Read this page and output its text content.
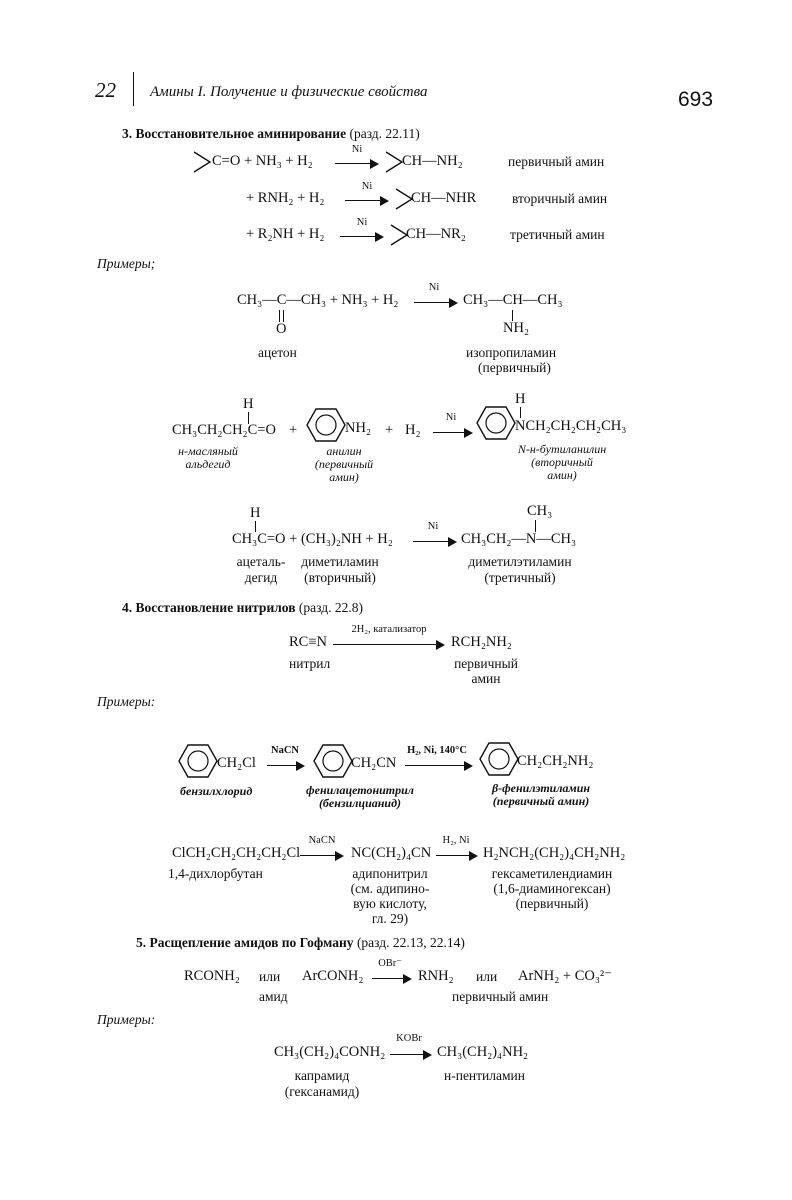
22 Амины I. Получение и физические свойства	693
3. Восстановительное аминирование (разд. 22.11)
C=O + NH₃ + H₂
Ni
CH—NH₂	первичный амин
+ RNH₂ + H₂
Ni
CH—NHR	вторичный амин
+ R₂NH + H₂
Ni
CH—NR₂	третичный амин
Примеры;
CH₃—C—CH₃ + NH₃ + H₂
O
Ni
CH₃—CH—CH₃
NH₂
ацетон	изопропиламин
(первичный)
H
CH₃CH₂CH₂C=O +	NH₂ + H₂
Ni
H
NCH₂CH₂CH₂CH₃
н-масляный
альдегид
анилин
(первичный
амин)
N-н-бутиланилин
(вторичный
амин)
H
CH₃C=O + (CH₃)₂NH + H₂
Ni
CH₃
CH₃CH₂—N—CH₃
ацеталь-
дегид
диметиламин
(вторичный)
диметилэтиламин
(третичный)
4. Восстановление нитрилов (разд. 22.8)
RC≡N
2H₂, катализатор
RCH₂NH₂
нитрил	первичный
амин
Примеры:
CH₂Cl
NaCN
CH₂CN
H₂, Ni, 140°C
CH₂CH₂NH₂
бензилхлорид	фенилацетонитрил
(бензилцианид)
β-фенилэтиламин
(первичный амин)
ClCH₂CH₂CH₂CH₂Cl
NaCN
NC(CH₂)₄CN
H₂, Ni
H₂NCH₂(CH₂)₄CH₂NH₂
1,4-дихлорбутан	адипонитрил
(см. адипино-
вую кислоту,
гл. 29)
гексаметилендиамин
(1,6-диаминогексан)
(первичный)
5. Расщепление амидов по Гофману (разд. 22.13, 22.14)
RCONH₂ или ArCONH₂
OBr⁻
RNH₂ или ArNH₂ + CO₃²⁻
амид	первичный амин
Примеры:
CH₃(CH₂)₄CONH₂
KOBr
CH₃(CH₂)₄NH₂
капрамид
(гексанамид)
н-пентиламин
